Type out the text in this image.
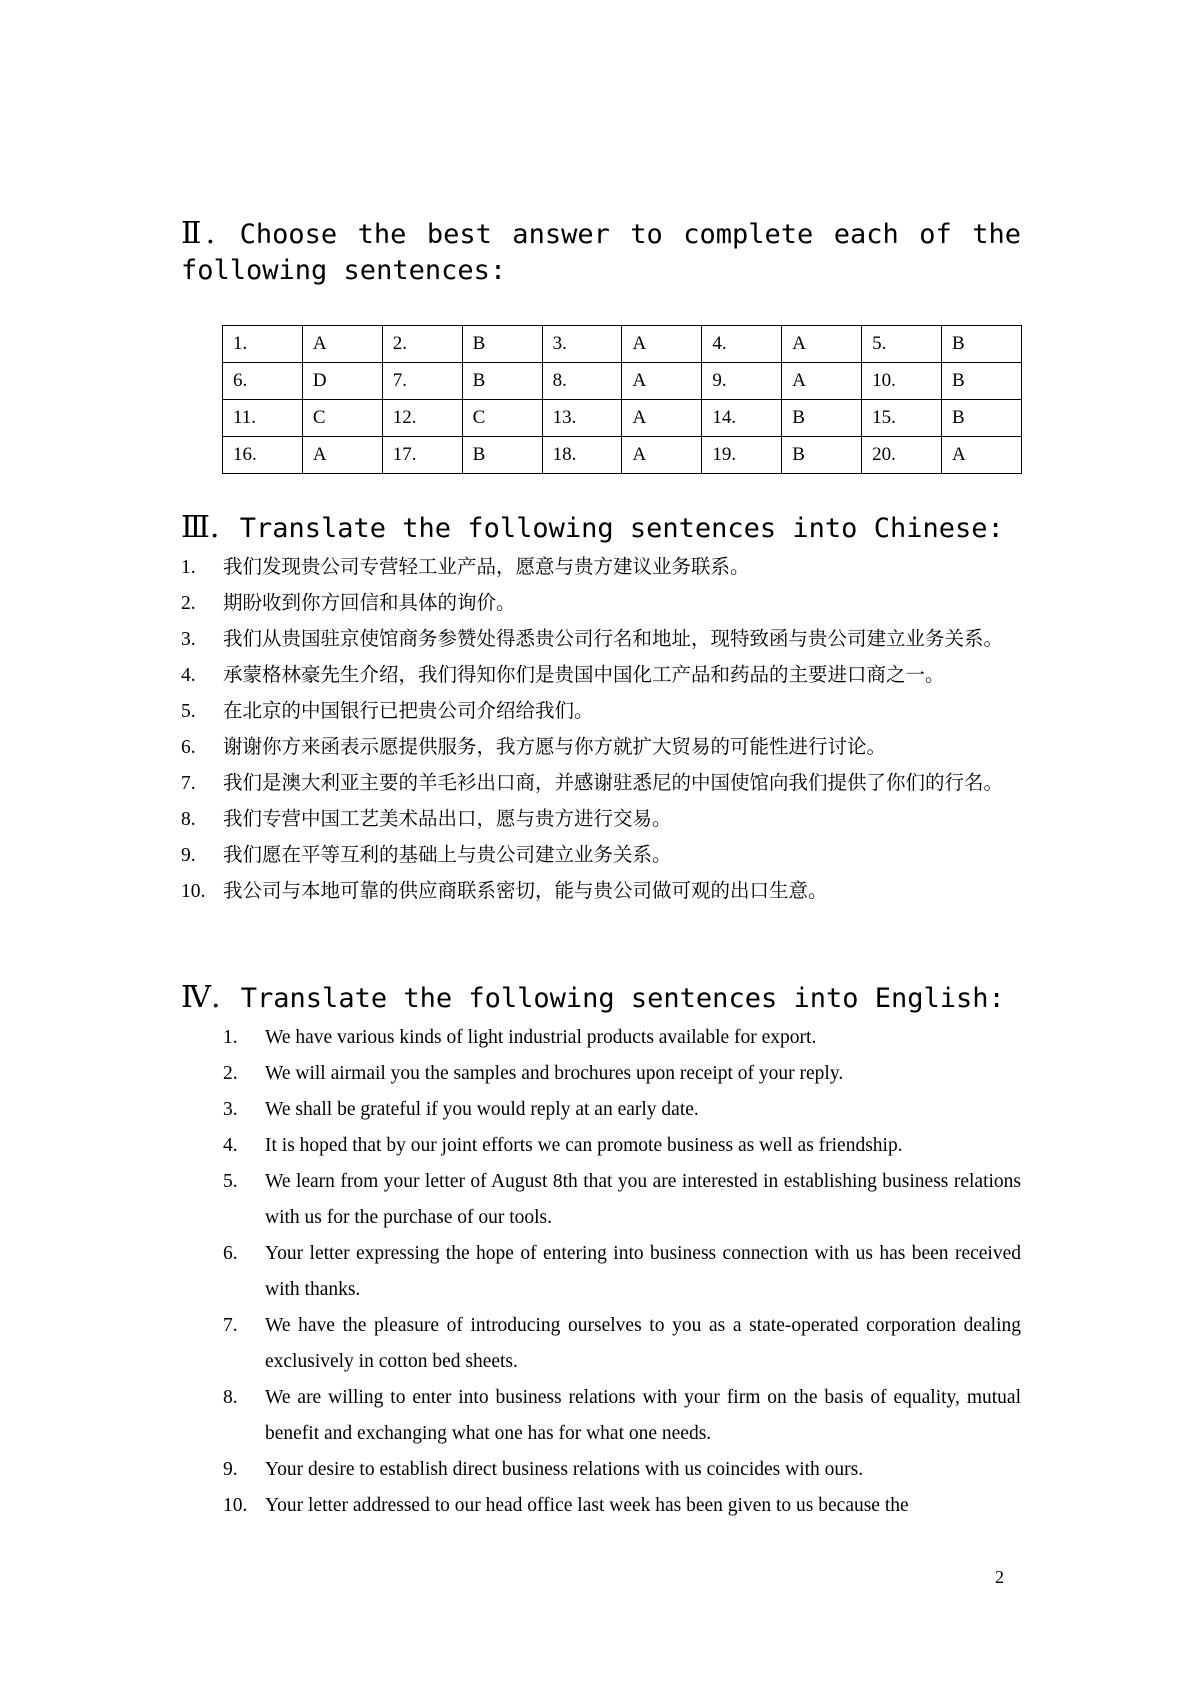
Ⅱ. Choose the best answer to complete each of the following sentences:
1.	A	2.	B	3.	A	4.	A	5.	B
6.	D	7.	B	8.	A	9.	A	10.	B
11.	C	12.	C	13.	A	14.	B	15.	B
16.	A	17.	B	18.	A	19.	B	20.	A
Ⅲ. Translate the following sentences into Chinese:
1. 我们发现贵公司专营轻工业产品，愿意与贵方建议业务联系。
2. 期盼收到你方回信和具体的询价。
3. 我们从贵国驻京使馆商务参赞处得悉贵公司行名和地址，现特致函与贵公司建立业务关系。
4. 承蒙格林豪先生介绍，我们得知你们是贵国中国化工产品和药品的主要进口商之一。
5. 在北京的中国银行已把贵公司介绍给我们。
6. 谢谢你方来函表示愿提供服务，我方愿与你方就扩大贸易的可能性进行讨论。
7. 我们是澳大利亚主要的羊毛衫出口商，并感谢驻悉尼的中国使馆向我们提供了你们的行名。
8. 我们专营中国工艺美术品出口，愿与贵方进行交易。
9. 我们愿在平等互利的基础上与贵公司建立业务关系。
10. 我公司与本地可靠的供应商联系密切，能与贵公司做可观的出口生意。
Ⅳ. Translate the following sentences into English:
1. We have various kinds of light industrial products available for export.
2. We will airmail you the samples and brochures upon receipt of your reply.
3. We shall be grateful if you would reply at an early date.
4. It is hoped that by our joint efforts we can promote business as well as friendship.
5. We learn from your letter of August 8th that you are interested in establishing business relations with us for the purchase of our tools.
6. Your letter expressing the hope of entering into business connection with us has been received with thanks.
7. We have the pleasure of introducing ourselves to you as a state-operated corporation dealing exclusively in cotton bed sheets.
8. We are willing to enter into business relations with your firm on the basis of equality, mutual benefit and exchanging what one has for what one needs.
9. Your desire to establish direct business relations with us coincides with ours.
10. Your letter addressed to our head office last week has been given to us because the
2
